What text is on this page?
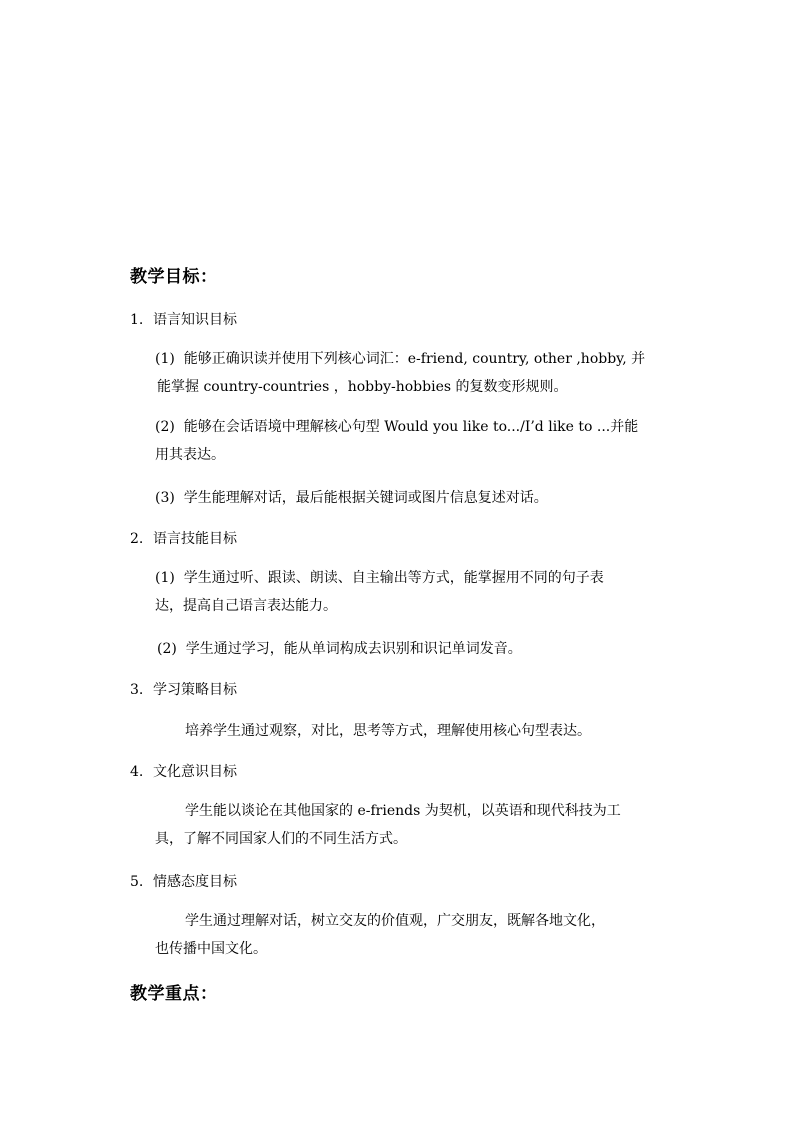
教学目标：
1. 语言知识目标
(1) 能够正确识读并使用下列核心词汇：e-friend, country, other ,hobby, 并
能掌握 country-countries ，hobby-hobbies 的复数变形规则。
(2) 能够在会话语境中理解核心句型 Would you like to.../I’d like to ...并能
用其表达。
(3) 学生能理解对话，最后能根据关键词或图片信息复述对话。
2. 语言技能目标
(1) 学生通过听、跟读、朗读、自主输出等方式，能掌握用不同的句子表
达，提高自己语言表达能力。
(2) 学生通过学习，能从单词构成去识别和识记单词发音。
3. 学习策略目标
培养学生通过观察，对比，思考等方式，理解使用核心句型表达。
4. 文化意识目标
学生能以谈论在其他国家的 e-friends 为契机，以英语和现代科技为工
具，了解不同国家人们的不同生活方式。
5. 情感态度目标
学生通过理解对话，树立交友的价值观，广交朋友，既解各地文化，
也传播中国文化。
教学重点：
